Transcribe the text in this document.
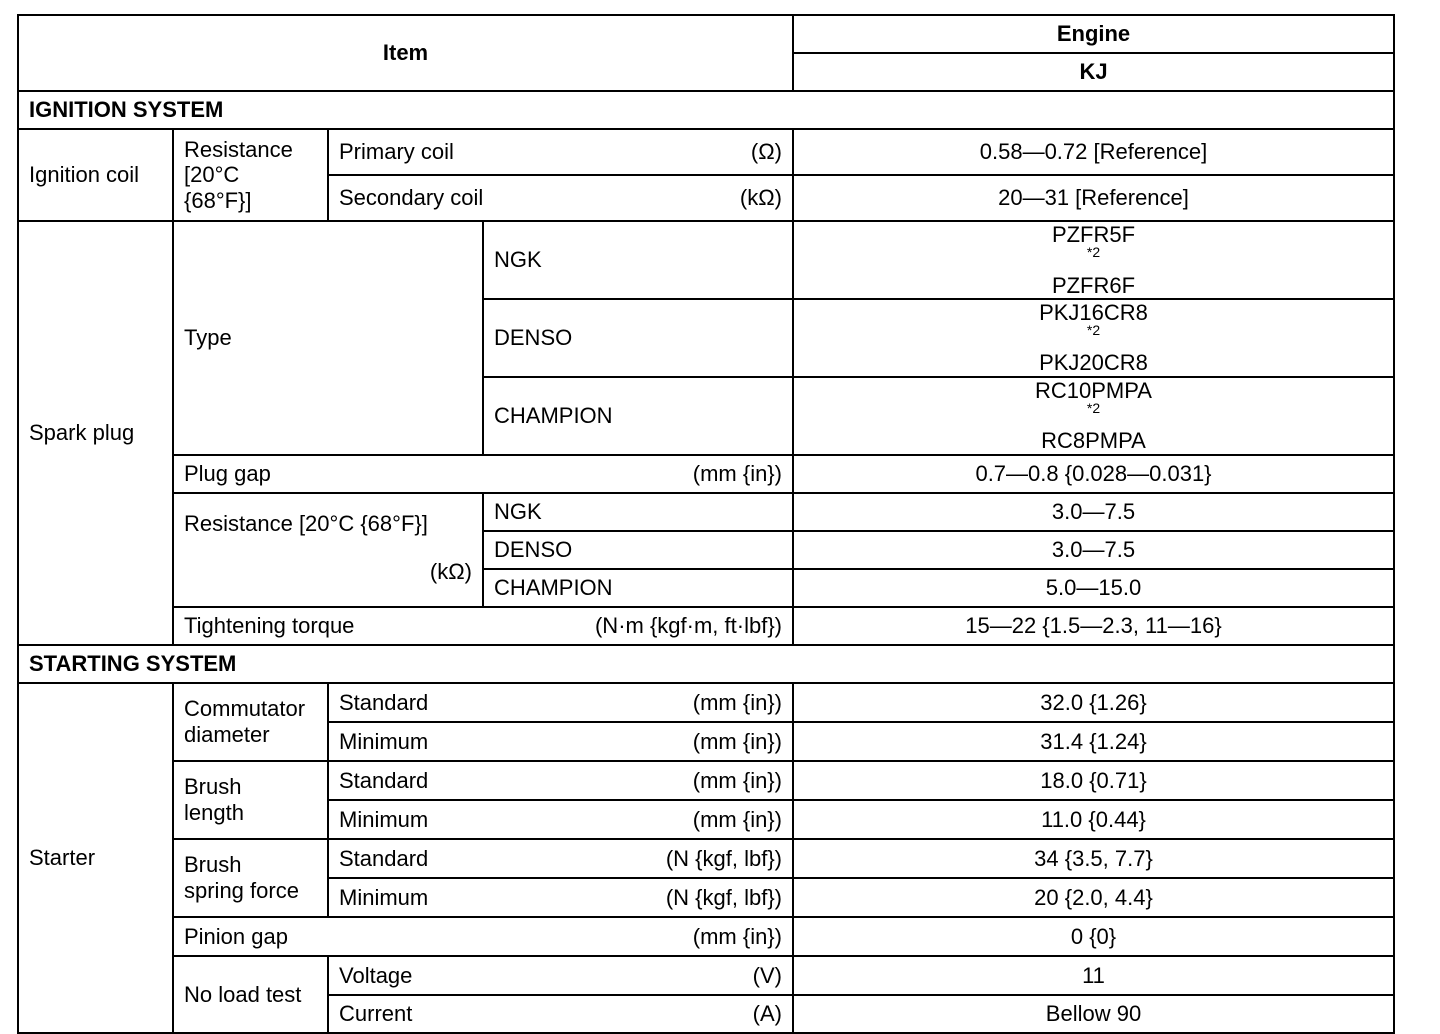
Item				Engine
				KJ
IGNITION SYSTEM				
Ignition coil	Resistance
[20°C
{68°F}]	Primary coil (Ω)		0.58—0.72 [Reference]

		Secondary coil (kΩ)		20—31 [Reference]
Spark plug	Type		NGK	PZFR5F
$^{*2}$
PZFR6F

			DENSO	PKJ16CR8
$^{*2}$
PKJ20CR8

			CHAMPION	RC10PMPA
$^{*2}$
RC8PMPA

	Plug gap (mm {in})			0.7—0.8 {0.028—0.031}

	Resistance [20°C {68°F}]
(kΩ)		NGK	3.0—7.5
			DENSO	3.0—7.5
			CHAMPION	5.0—15.0

	Tightening torque (N·m {kgf·m, ft·lbf})			15—22 {1.5—2.3, 11—16}
STARTING SYSTEM				
Starter	Commutator
diameter	Standard (mm {in})		32.0 {1.26}

		Minimum (mm {in})		31.4 {1.24}

	Brush
length	Standard (mm {in})		18.0 {0.71}

		Minimum (mm {in})		11.0 {0.44}

	Brush
spring force	Standard (N {kgf, lbf})		34 {3.5, 7.7}

		Minimum (N {kgf, lbf})		20 {2.0, 4.4}

	Pinion gap (mm {in})			0 {0}
	No load test	Voltage (V)		11

		Current (A)		Bellow 90
